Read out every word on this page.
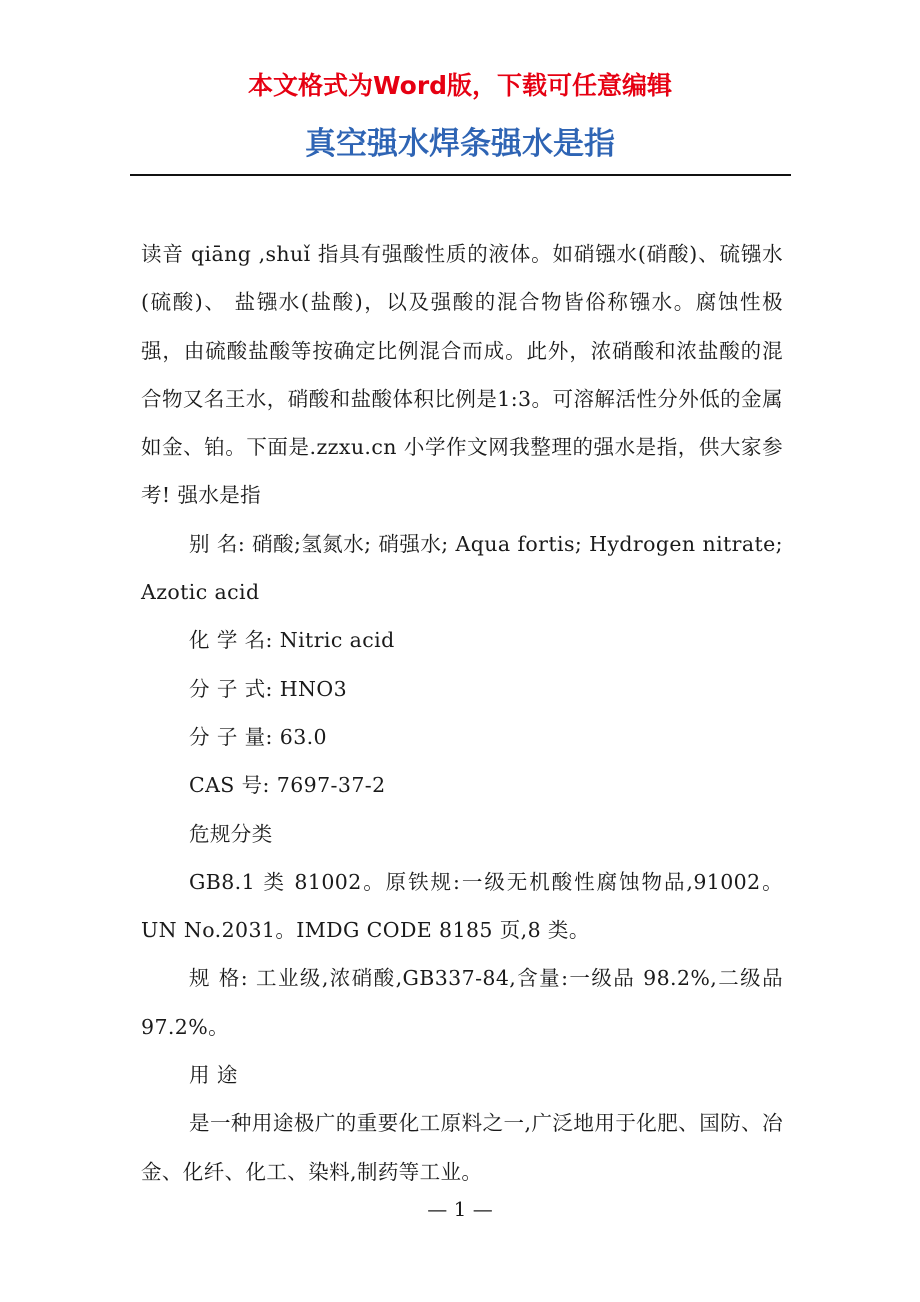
本文格式为Word版，下载可任意编辑
真空强水焊条强水是指

读音 qiāng ,shuǐ 指具有强酸性质的液体。如硝镪水(硝酸)、硫镪水(硫酸)、 盐镪水(盐酸)，以及强酸的混合物皆俗称镪水。腐蚀性极强，由硫酸盐酸等按确定比例混合而成。此外，浓硝酸和浓盐酸的混合物又名王水，硝酸和盐酸体积比例是1:3。可溶解活性分外低的金属如金、铂。下面是.zzxu.cn 小学作文网我整理的强水是指，供大家参考! 强水是指

别 名: 硝酸;氢氮水; 硝强水; Aqua fortis; Hydrogen nitrate; Azotic acid

化 学 名: Nitric acid

分 子 式: HNO3

分 子 量: 63.0

CAS 号: 7697-37-2

危规分类

GB8.1 类 81002。原铁规:一级无机酸性腐蚀物品,91002。UN No.2031。IMDG CODE 8185 页,8 类。

规 格: 工业级,浓硝酸,GB337-84,含量:一级品 98.2%,二级品 97.2%。

用 途

是一种用途极广的重要化工原料之一,广泛地用于化肥、国防、冶金、化纤、化工、染料,制药等工业。

— 1 —
